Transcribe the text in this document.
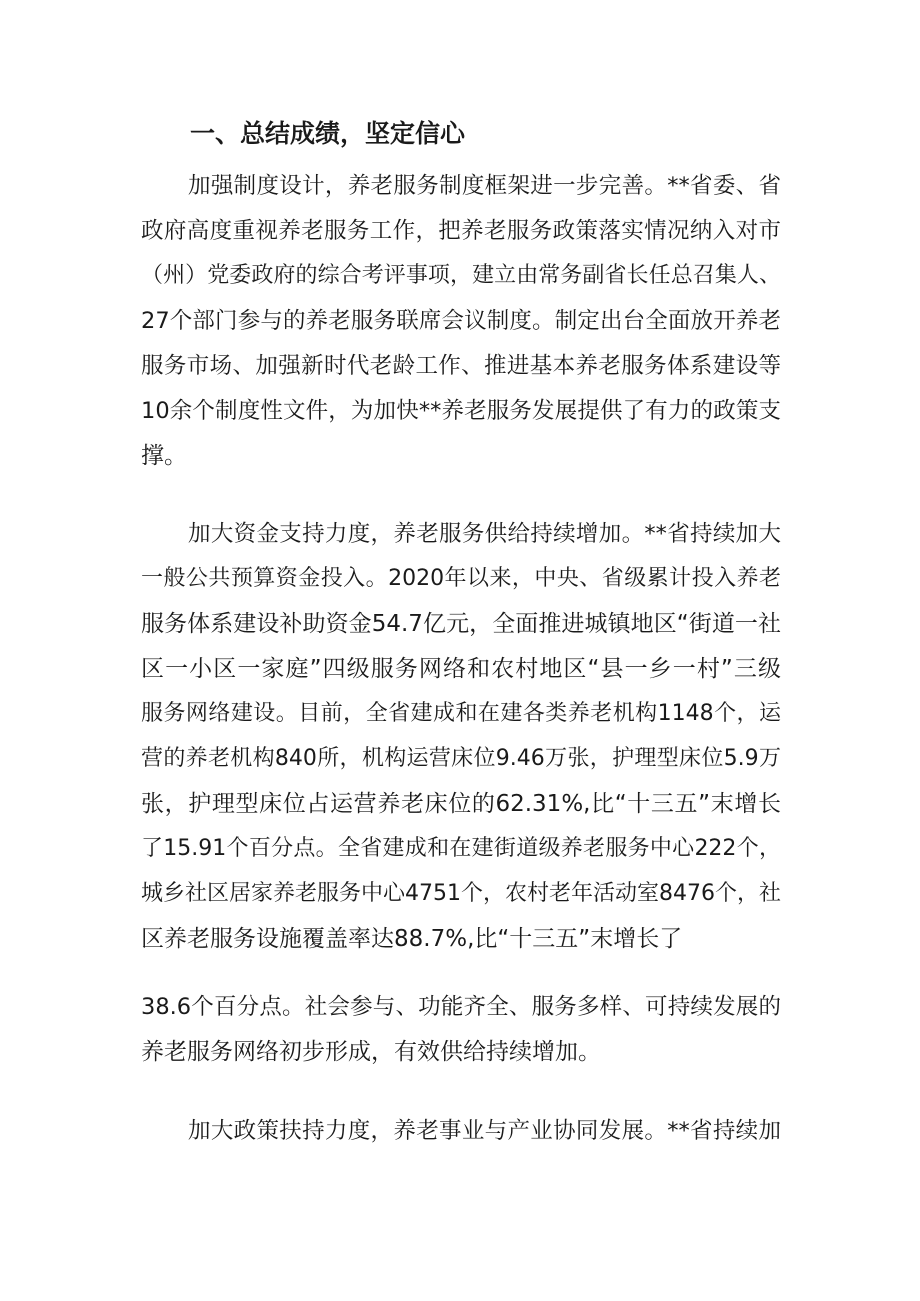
一、总结成绩，坚定信心
加强制度设计，养老服务制度框架进一步完善。**省委、省
政府高度重视养老服务工作，把养老服务政策落实情况纳入对市
（州）党委政府的综合考评事项，建立由常务副省长任总召集人、
27个部门参与的养老服务联席会议制度。制定出台全面放开养老
服务市场、加强新时代老龄工作、推进基本养老服务体系建设等
10余个制度性文件，为加快**养老服务发展提供了有力的政策支
撑。
加大资金支持力度，养老服务供给持续增加。**省持续加大
一般公共预算资金投入。2020年以来，中央、省级累计投入养老
服务体系建设补助资金54.7亿元，全面推进城镇地区“街道一社
区一小区一家庭”四级服务网络和农村地区“县一乡一村”三级
服务网络建设。目前，全省建成和在建各类养老机构1148个，运
营的养老机构840所，机构运营床位9.46万张，护理型床位5.9万
张，护理型床位占运营养老床位的62.31%,比“十三五”末增长
了15.91个百分点。全省建成和在建街道级养老服务中心222个，
城乡社区居家养老服务中心4751个，农村老年活动室8476个，社
区养老服务设施覆盖率达88.7%,比“十三五”末增长了
38.6个百分点。社会参与、功能齐全、服务多样、可持续发展的
养老服务网络初步形成，有效供给持续增加。
加大政策扶持力度，养老事业与产业协同发展。**省持续加
